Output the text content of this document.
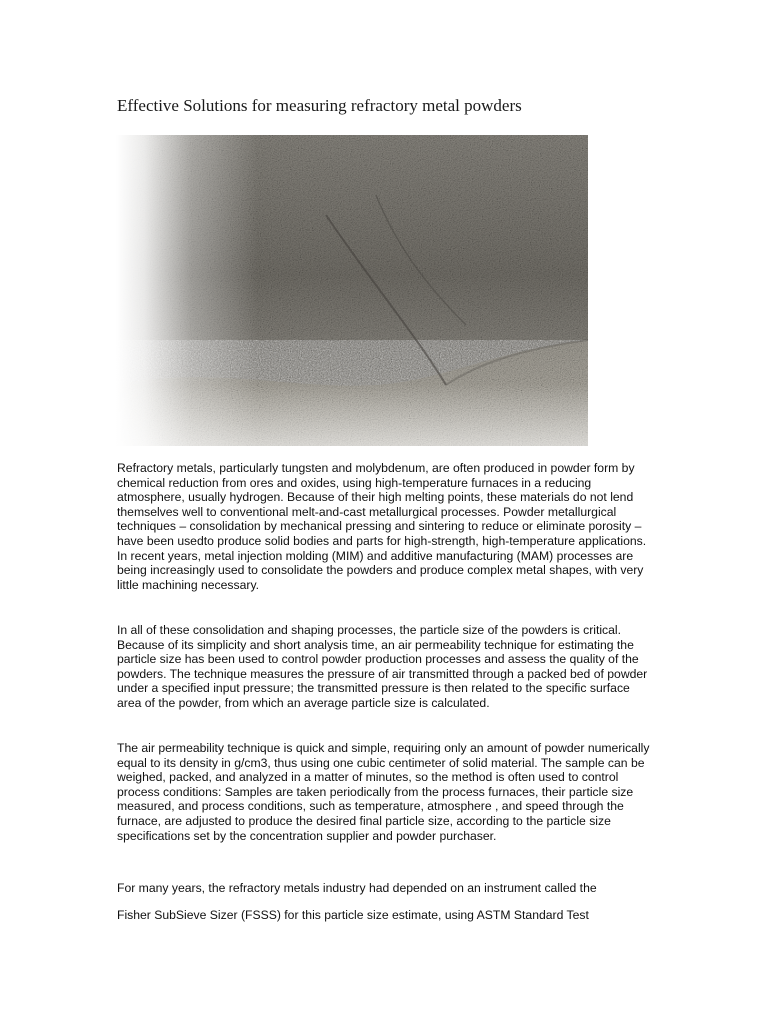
Effective Solutions for measuring refractory metal powders

Refractory metals, particularly tungsten and molybdenum, are often produced in powder form by chemical reduction from ores and oxides, using high-temperature furnaces in a reducing atmosphere, usually hydrogen. Because of their high melting points, these materials do not lend themselves well to conventional melt-and-cast metallurgical processes. Powder metallurgical techniques – consolidation by mechanical pressing and sintering to reduce or eliminate porosity – have been usedto produce solid bodies and parts for high-strength, high-temperature applications. In recent years, metal injection molding (MIM) and additive manufacturing (MAM) processes are being increasingly used to consolidate the powders and produce complex metal shapes, with very little machining necessary.

In all of these consolidation and shaping processes, the particle size of the powders is critical. Because of its simplicity and short analysis time, an air permeability technique for estimating the particle size has been used to control powder production processes and assess the quality of the powders. The technique measures the pressure of air transmitted through a packed bed of powder under a specified input pressure; the transmitted pressure is then related to the specific surface area of the powder, from which an average particle size is calculated.

The air permeability technique is quick and simple, requiring only an amount of powder numerically equal to its density in g/cm3, thus using one cubic centimeter of solid material. The sample can be weighed, packed, and analyzed in a matter of minutes, so the method is often used to control process conditions: Samples are taken periodically from the process furnaces, their particle size measured, and process conditions, such as temperature, atmosphere , and speed through the furnace, are adjusted to produce the desired final particle size, according to the particle size specifications set by the concentration supplier and powder purchaser.

For many years, the refractory metals industry had depended on an instrument called the

Fisher SubSieve Sizer (FSSS) for this particle size estimate, using ASTM Standard Test
